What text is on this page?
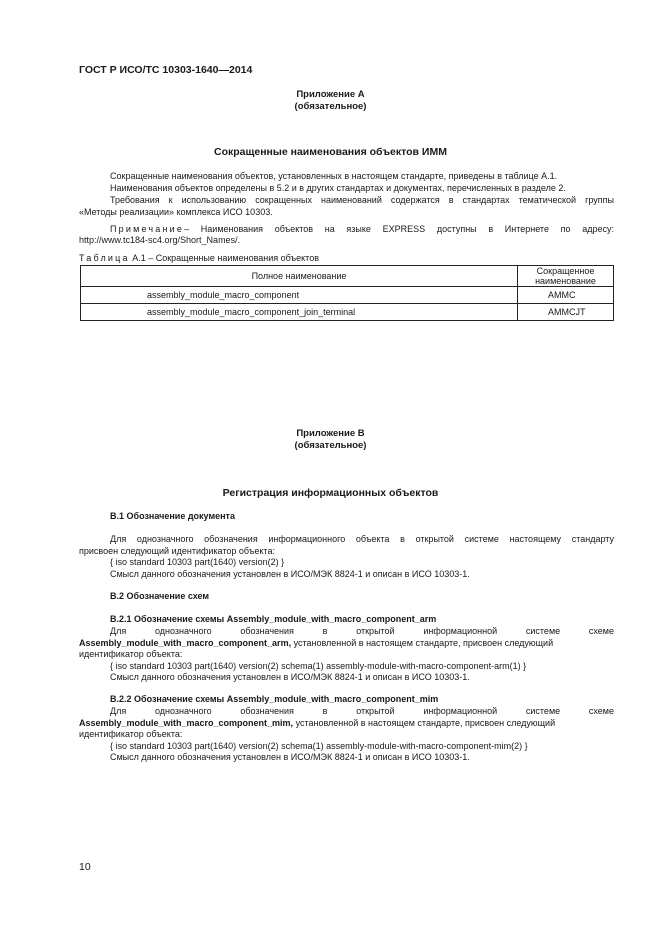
ГОСТ Р ИСО/ТС 10303-1640—2014
Приложение А
(обязательное)
Сокращенные наименования объектов ИММ
Сокращенные наименования объектов, установленных в настоящем стандарте, приведены в таблице А.1.
Наименования объектов определены в 5.2 и в других стандартах и документах, перечисленных в разделе 2.
Требования к использованию сокращенных наименований содержатся в стандартах тематической группы
«Методы реализации» комплекса ИСО 10303.
Примечание– Наименования объектов на языке EXPRESS доступны в Интернете по адресу:
http://www.tc184-sc4.org/Short_Names/.
Таблица А.1 – Сокращенные наименования объектов
Полное наименование	Сокращенное наименование
assembly_module_macro_component	AMMC
assembly_module_macro_component_join_terminal	AMMCJT
Приложение В
(обязательное)
Регистрация информационных объектов
В.1 Обозначение документа
Для однозначного обозначения информационного объекта в открытой системе настоящему стандарту
присвоен следующий идентификатор объекта:
{ iso standard 10303 part(1640) version(2) }
Смысл данного обозначения установлен в ИСО/МЭК 8824-1 и описан в ИСО 10303-1.
В.2 Обозначение схем
В.2.1 Обозначение схемы Assembly_module_with_macro_component_arm
Для однозначного обозначения в открытой информационной системе схеме
Assembly_module_with_macro_component_arm, установленной в настоящем стандарте, присвоен следующий
идентификатор объекта:
{ iso standard 10303 part(1640) version(2) schema(1) assembly-module-with-macro-component-arm(1) }
Смысл данного обозначения установлен в ИСО/МЭК 8824-1 и описан в ИСО 10303-1.
В.2.2 Обозначение схемы Assembly_module_with_macro_component_mim
Для однозначного обозначения в открытой информационной системе схеме
Assembly_module_with_macro_component_mim, установленной в настоящем стандарте, присвоен следующий
идентификатор объекта:
{ iso standard 10303 part(1640) version(2) schema(1) assembly-module-with-macro-component-mim(2) }
Смысл данного обозначения установлен в ИСО/МЭК 8824-1 и описан в ИСО 10303-1.
10
